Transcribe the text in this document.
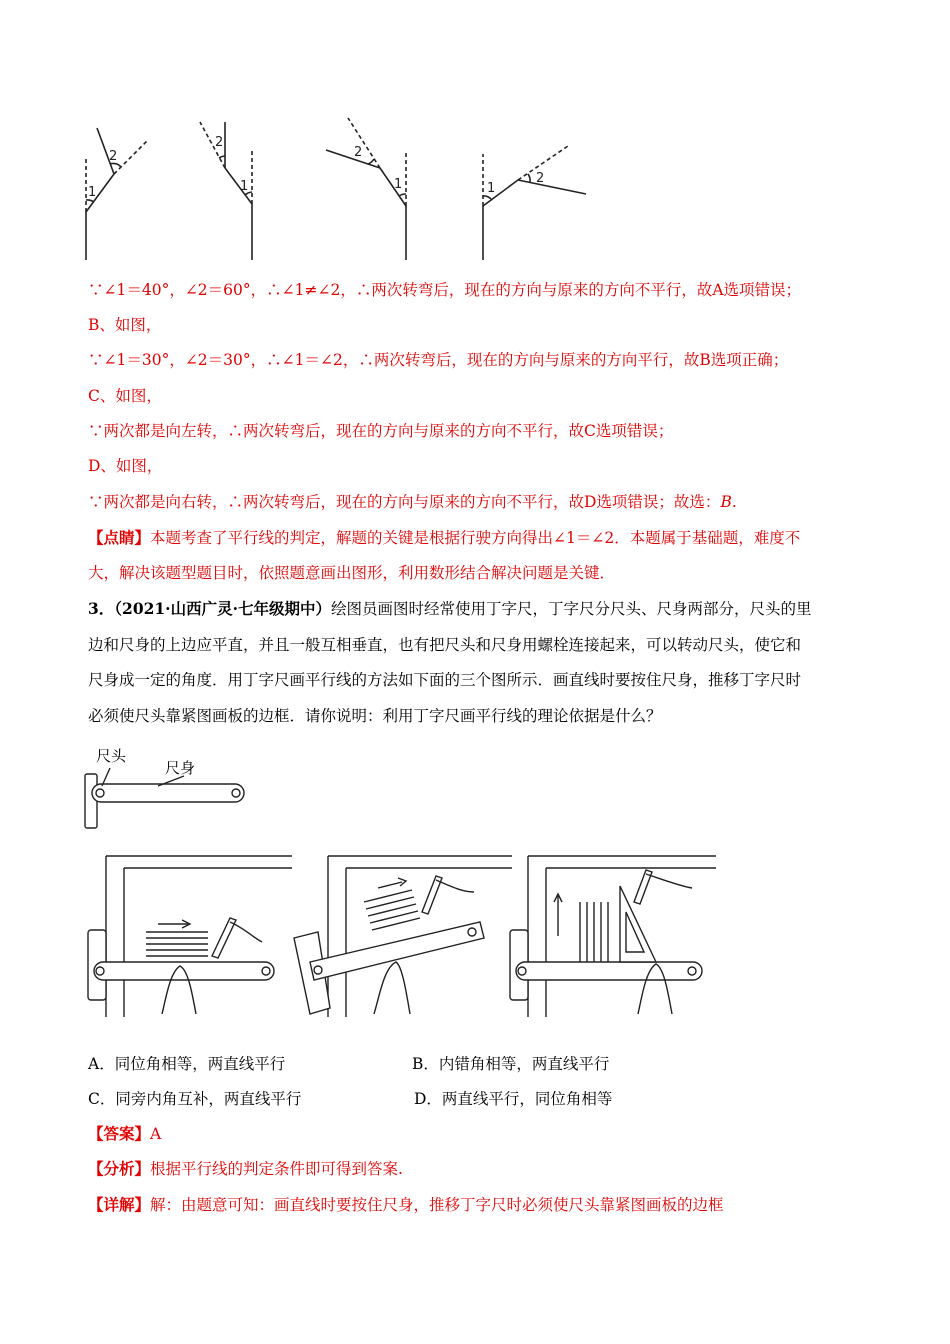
1
2
1
2
1
2
1
2
∵∠1＝40°，∠2＝60°，∴∠1≠∠2，∴两次转弯后，现在的方向与原来的方向不平行，故A选项错误；
B、如图，
∵∠1＝30°，∠2＝30°，∴∠1＝∠2，∴两次转弯后，现在的方向与原来的方向平行，故B选项正确；
C、如图，
∵两次都是向左转，∴两次转弯后，现在的方向与原来的方向不平行，故C选项错误；
D、如图，
∵两次都是向右转，∴两次转弯后，现在的方向与原来的方向不平行，故D选项错误；故选：B.
【点睛】本题考查了平行线的判定，解题的关键是根据行驶方向得出∠1＝∠2．本题属于基础题，难度不
大，解决该题型题目时，依照题意画出图形，利用数形结合解决问题是关键．
3．（2021·山西广灵·七年级期中）绘图员画图时经常使用丁字尺，丁字尺分尺头、尺身两部分，尺头的里
边和尺身的上边应平直，并且一般互相垂直，也有把尺头和尺身用螺栓连接起来，可以转动尺头，使它和
尺身成一定的角度．用丁字尺画平行线的方法如下面的三个图所示．画直线时要按住尺身，推移丁字尺时
必须使尺头靠紧图画板的边框．请你说明：利用丁字尺画平行线的理论依据是什么？
尺头
尺身
A．同位角相等，两直线平行	B．内错角相等，两直线平行
C．同旁内角互补，两直线平行	D．两直线平行，同位角相等
【答案】A
【分析】根据平行线的判定条件即可得到答案.
【详解】解：由题意可知：画直线时要按住尺身，推移丁字尺时必须使尺头靠紧图画板的边框
